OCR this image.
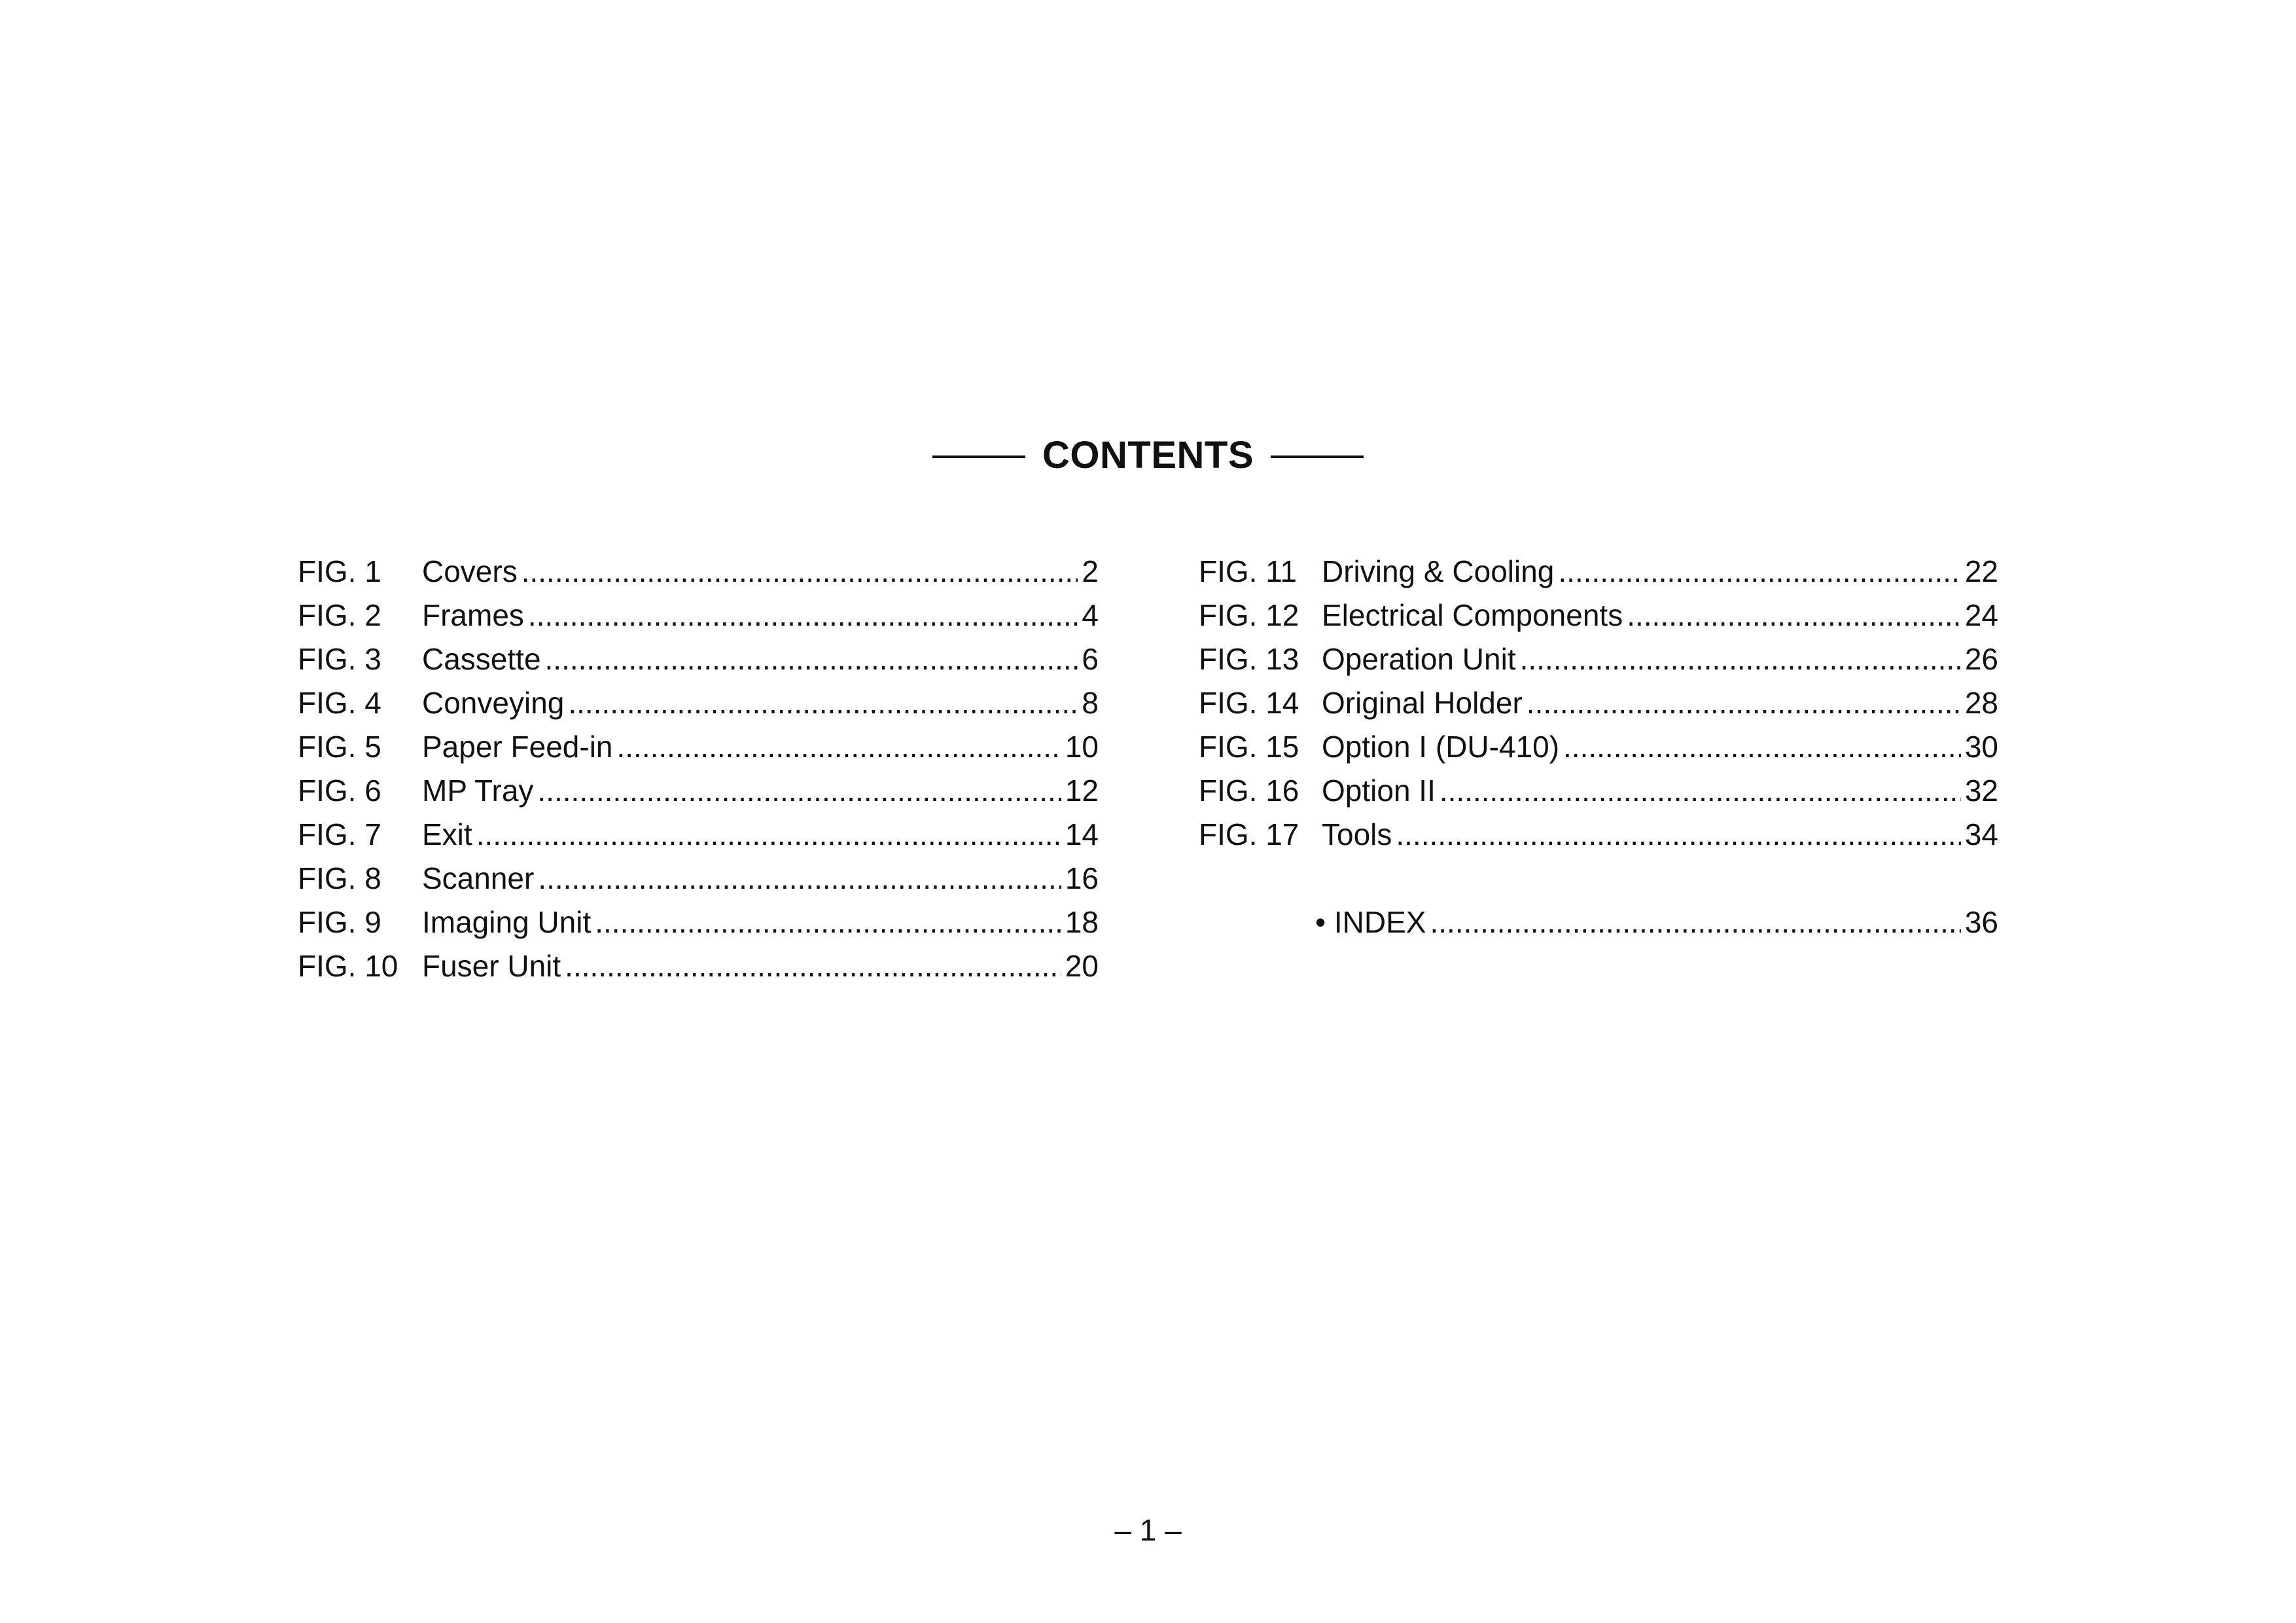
CONTENTS
FIG. 1 Covers .....	2
FIG. 2 Frames .....	4
FIG. 3 Cassette .....	6
FIG. 4 Conveying .....	8
FIG. 5 Paper Feed-in .....	10
FIG. 6 MP Tray .....	12
FIG. 7 Exit .....	14
FIG. 8 Scanner .....	16
FIG. 9 Imaging Unit .....	18
FIG. 10 Fuser Unit .....	20
FIG. 11 Driving & Cooling .....	22
FIG. 12 Electrical Components .....	24
FIG. 13 Operation Unit .....	26
FIG. 14 Original Holder .....	28
FIG. 15 Option I (DU-410) .....	30
FIG. 16 Option II .....	32
FIG. 17 Tools .....	34
• INDEX .....	36
– 1 –
